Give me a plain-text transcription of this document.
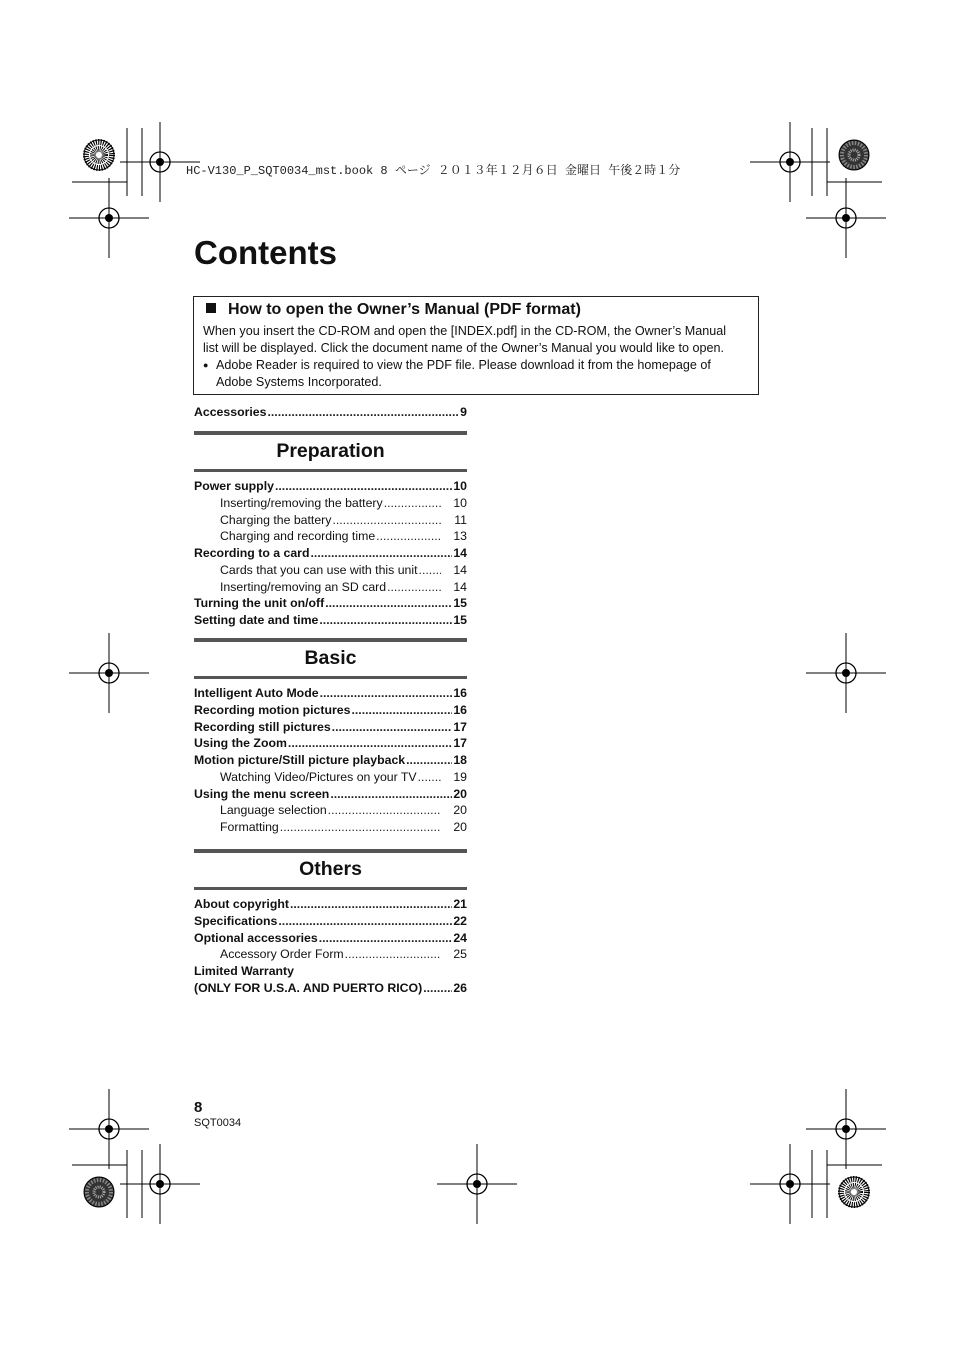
HC-V130_P_SQT0034_mst.book 8 ページ ２０１３年１２月６日 金曜日 午後２時１分
Contents

How to open the Owner’s Manual (PDF format)

When you insert the CD-ROM and open the [INDEX.pdf] in the CD-ROM, the Owner’s Manual

list will be displayed. Click the document name of the Owner’s Manual you would like to open.

● Adobe Reader is required to view the PDF file. Please download it from the homepage of

Adobe Systems Incorporated.

Accessories .....	9
Preparation
Power supply .....	10
Inserting/removing the battery .....	10
Charging the battery .....	11
Charging and recording time .....	13
Recording to a card .....	14
Cards that you can use with this unit .....	14
Inserting/removing an SD card .....	14
Turning the unit on/off .....	15
Setting date and time .....	15
Basic
Intelligent Auto Mode .....	16
Recording motion pictures .....	16
Recording still pictures .....	17
Using the Zoom .....	17
Motion picture/Still picture playback .....	18
Watching Video/Pictures on your TV .....	19
Using the menu screen .....	20
Language selection .....	20
Formatting .....	20
Others
About copyright .....	21
Specifications .....	22
Optional accessories .....	24
Accessory Order Form .....	25
Limited Warranty
(ONLY FOR U.S.A. AND PUERTO RICO) .....	26
8
SQT0034
